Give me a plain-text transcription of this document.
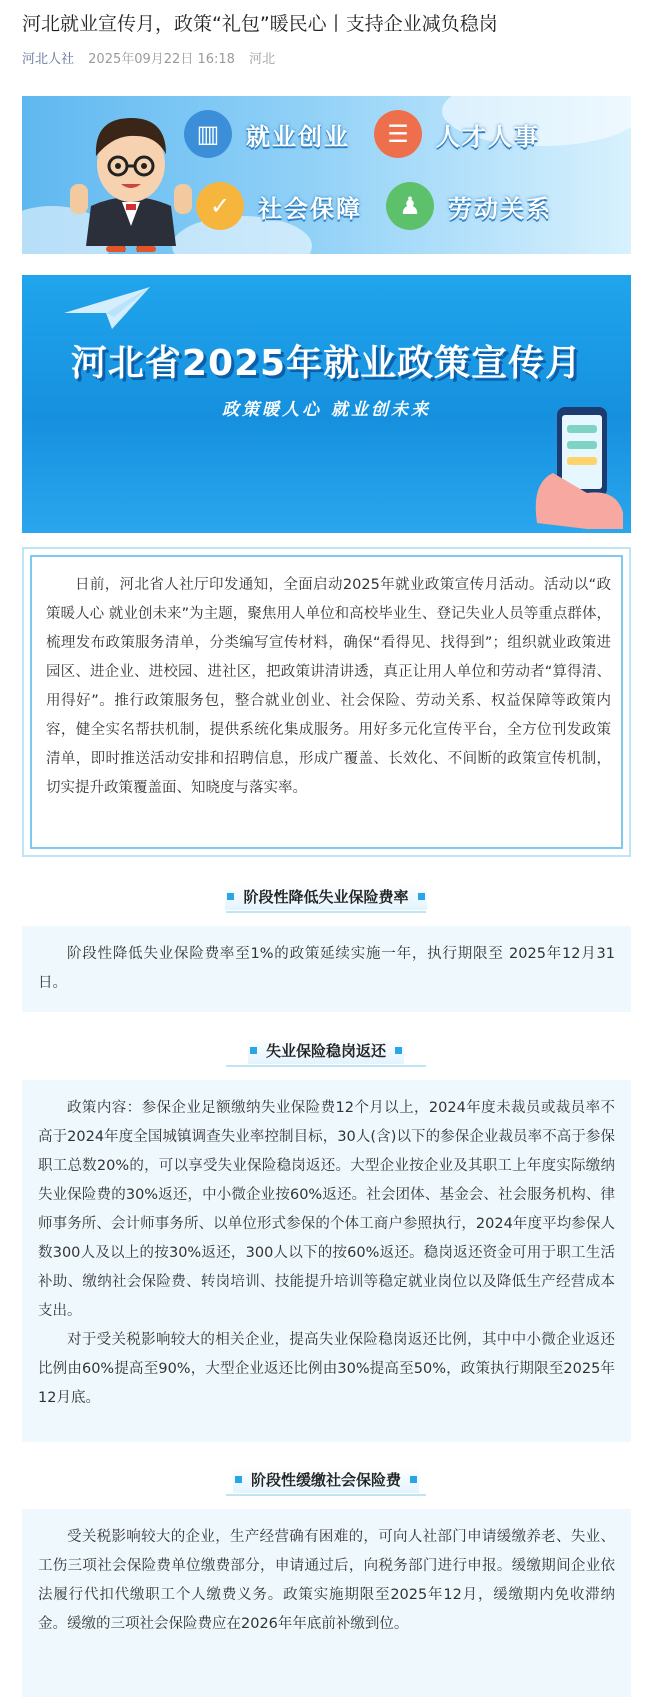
河北就业宣传月，政策“礼包”暖民心丨支持企业减负稳岗
河北人社 2025年09月22日 16:18 河北
▥	就业创业	☰	人才人事
✓	社会保障	♟	劳动关系
河北省2025年就业政策宣传月
政策暖人心 就业创未来

日前，河北省人社厅印发通知，全面启动2025年就业政策宣传月活动。活动以“政策暖人心 就业创未来”为主题，聚焦用人单位和高校毕业生、登记失业人员等重点群体，梳理发布政策服务清单，分类编写宣传材料，确保“看得见、找得到”；组织就业政策进园区、进企业、进校园、进社区，把政策讲清讲透，真正让用人单位和劳动者“算得清、用得好”。推行政策服务包，整合就业创业、社会保险、劳动关系、权益保障等政策内容，健全实名帮扶机制，提供系统化集成服务。用好多元化宣传平台，全方位刊发政策清单，即时推送活动安排和招聘信息，形成广覆盖、长效化、不间断的政策宣传机制，切实提升政策覆盖面、知晓度与落实率。

阶段性降低失业保险费率

阶段性降低失业保险费率至1%的政策延续实施一年，执行期限至 2025年12月31日。

失业保险稳岗返还

政策内容：参保企业足额缴纳失业保险费12个月以上，2024年度未裁员或裁员率不高于2024年度全国城镇调查失业率控制目标，30人(含)以下的参保企业裁员率不高于参保职工总数20%的，可以享受失业保险稳岗返还。大型企业按企业及其职工上年度实际缴纳失业保险费的30%返还，中小微企业按60%返还。社会团体、基金会、社会服务机构、律师事务所、会计师事务所、以单位形式参保的个体工商户参照执行，2024年度平均参保人数300人及以上的按30%返还，300人以下的按60%返还。稳岗返还资金可用于职工生活补助、缴纳社会保险费、转岗培训、技能提升培训等稳定就业岗位以及降低生产经营成本支出。

对于受关税影响较大的相关企业，提高失业保险稳岗返还比例，其中中小微企业返还比例由60%提高至90%，大型企业返还比例由30%提高至50%，政策执行期限至2025年12月底。

阶段性缓缴社会保险费

受关税影响较大的企业，生产经营确有困难的，可向人社部门申请缓缴养老、失业、工伤三项社会保险费单位缴费部分，申请通过后，向税务部门进行申报。缓缴期间企业依法履行代扣代缴职工个人缴费义务。政策实施期限至2025年12月，缓缴期内免收滞纳金。缓缴的三项社会保险费应在2026年年底前补缴到位。
